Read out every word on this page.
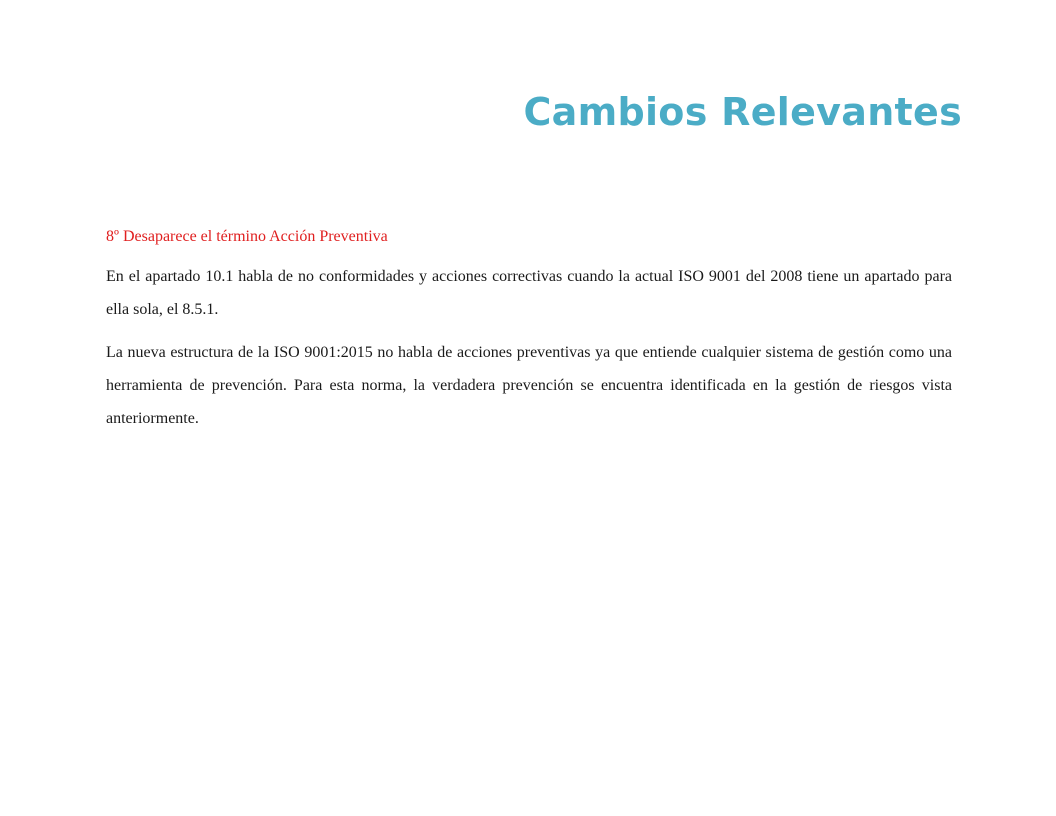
Cambios Relevantes

8º Desaparece el término Acción Preventiva

En el apartado 10.1 habla de no conformidades y acciones correctivas cuando la actual ISO 9001 del 2008 tiene un apartado para ella sola, el 8.5.1.

La nueva estructura de la ISO 9001:2015 no habla de acciones preventivas ya que entiende cualquier sistema de gestión como una herramienta de prevención. Para esta norma, la verdadera prevención se encuentra identificada en la gestión de riesgos vista anteriormente.
